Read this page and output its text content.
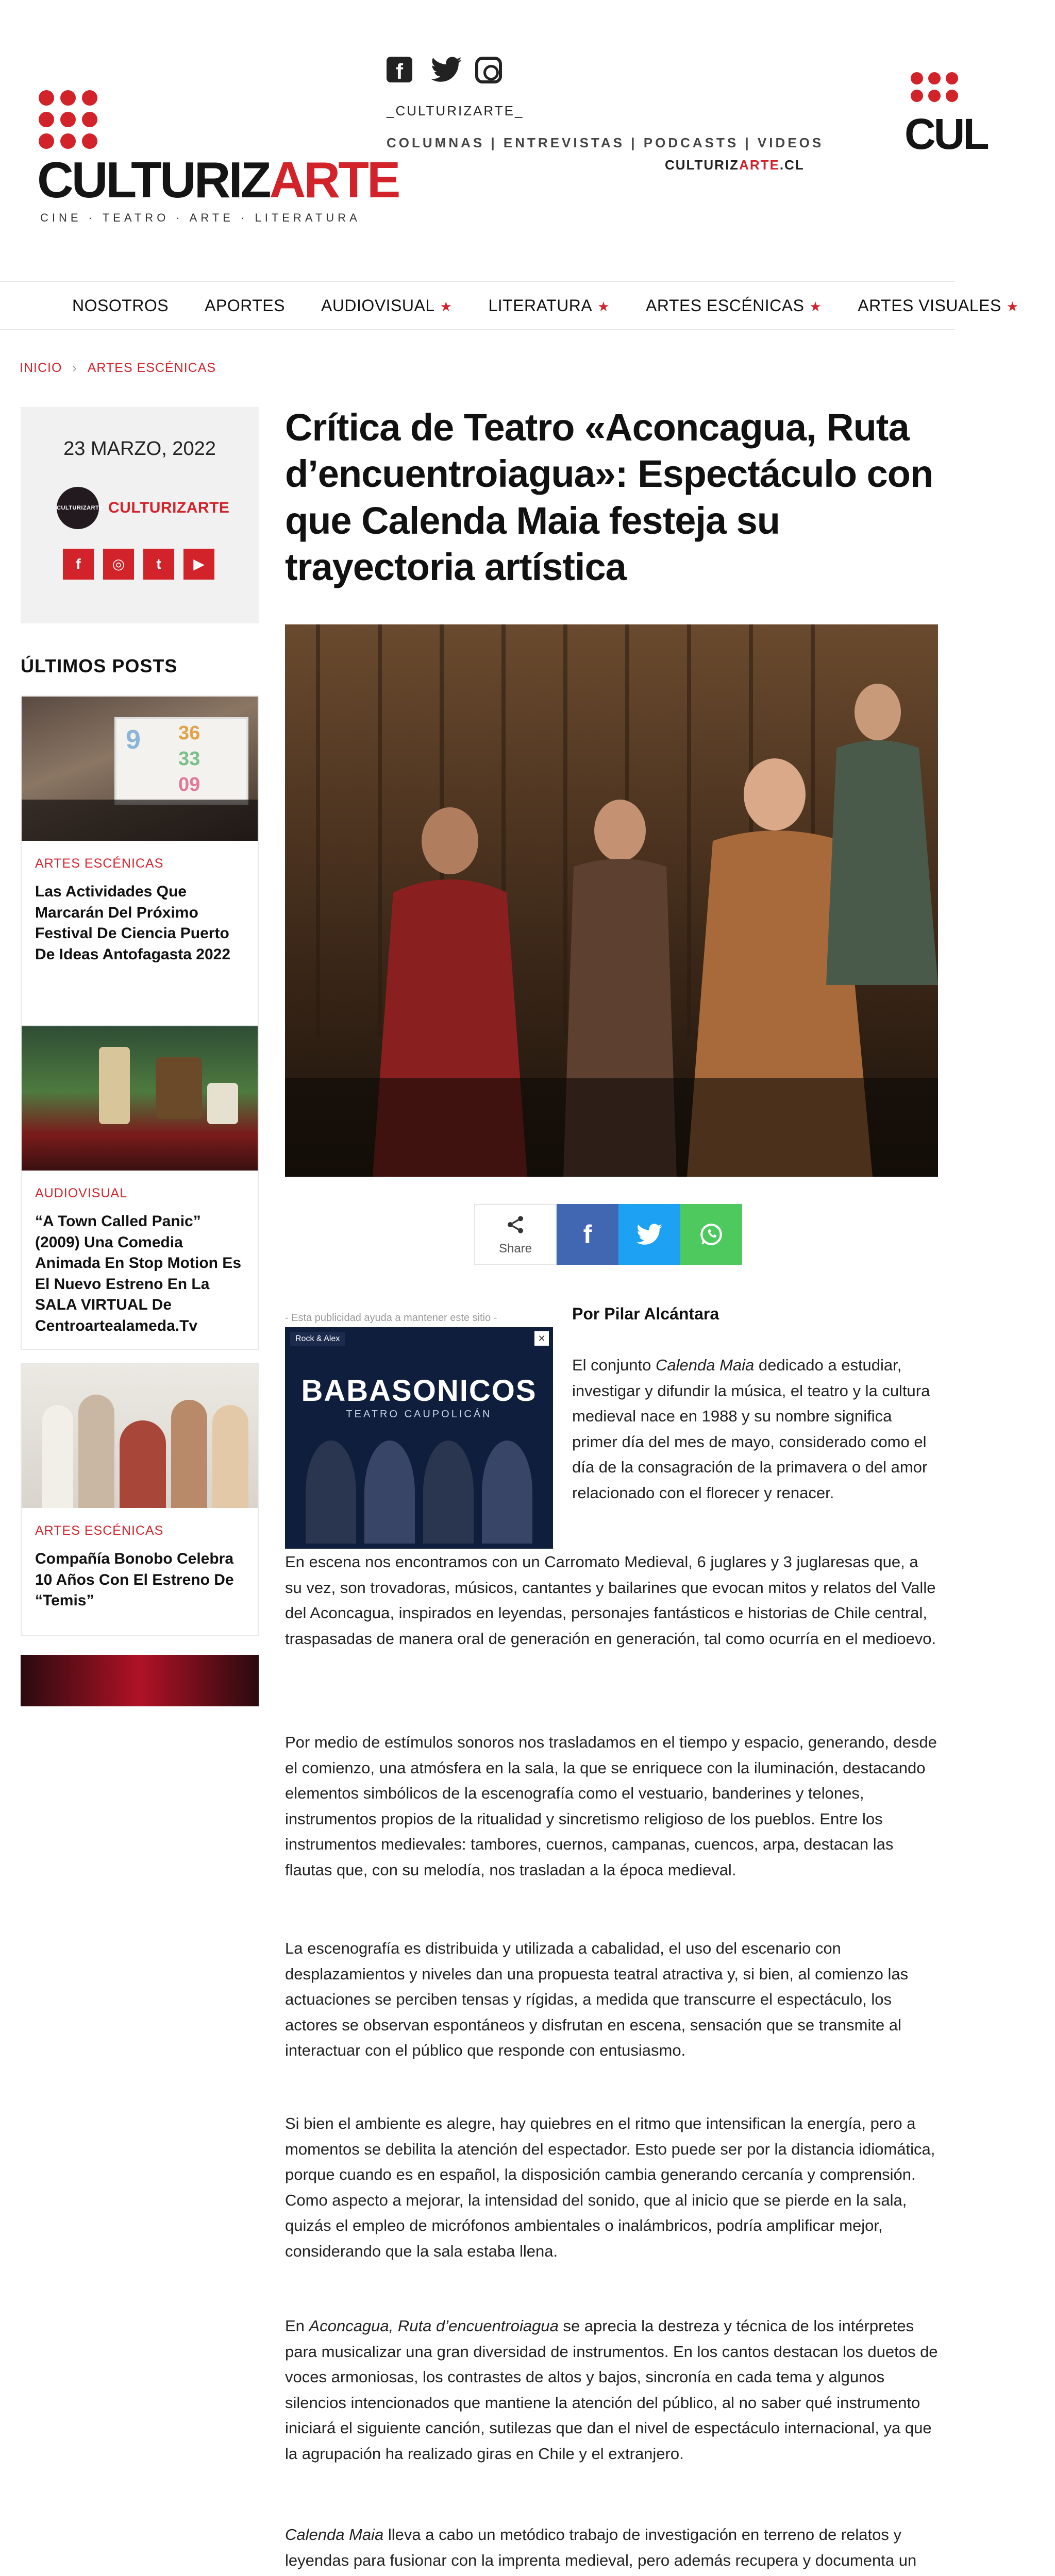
CULTURIZARTE
CINE · TEATRO · ARTE · LITERATURA
f
_CULTURIZARTE_
COLUMNAS | ENTREVISTAS | PODCASTS | VIDEOS
CULTURIZARTE.CL
CUL
NOSOTROS APORTES AUDIOVISUAL ★ LITERATURA ★ ARTES ESCÉNICAS ★ ARTES VISUALES ★
INICIO › ARTES ESCÉNICAS
23 MARZO, 2022
CULTURIZARTE CULTURIZARTE
f	◎	t	▶
ÚLTIMOS POSTS
9	36
33
09
ARTES ESCÉNICAS
Las Actividades Que Marcarán Del Próximo Festival De Ciencia Puerto De Ideas Antofagasta 2022
AUDIOVISUAL
“A Town Called Panic” (2009) Una Comedia Animada En Stop Motion Es El Nuevo Estreno En La SALA VIRTUAL De Centroartealameda.Tv
ARTES ESCÉNICAS
Compañía Bonobo Celebra 10 Años Con El Estreno De “Temis”
Crítica de Teatro «Aconcagua, Ruta d’encuentroiagua»: Espectáculo con que Calenda Maia festeja su trayectoria artística
Share	f
- Esta publicidad ayuda a mantener este sitio -
Rock & Alex	✕
BABASONICOS
TEATRO CAUPOLICÁN
Por Pilar Alcántara

El conjunto Calenda Maia dedicado a estudiar, investigar y difundir la música, el teatro y la cultura medieval nace en 1988 y su nombre significa primer día del mes de mayo, considerado como el día de la consagración de la primavera o del amor relacionado con el florecer y renacer.

En escena nos encontramos con un Carromato Medieval, 6 juglares y 3 juglaresas que, a su vez, son trovadoras, músicos, cantantes y bailarines que evocan mitos y relatos del Valle del Aconcagua, inspirados en leyendas, personajes fantásticos e historias de Chile central, traspasadas de manera oral de generación en generación, tal como ocurría en el medioevo.

Por medio de estímulos sonoros nos trasladamos en el tiempo y espacio, generando, desde el comienzo, una atmósfera en la sala, la que se enriquece con la iluminación, destacando elementos simbólicos de la escenografía como el vestuario, banderines y telones, instrumentos propios de la ritualidad y sincretismo religioso de los pueblos. Entre los instrumentos medievales: tambores, cuernos, campanas, cuencos, arpa, destacan las flautas que, con su melodía, nos trasladan a la época medieval.

La escenografía es distribuida y utilizada a cabalidad, el uso del escenario con desplazamientos y niveles dan una propuesta teatral atractiva y, si bien, al comienzo las actuaciones se perciben tensas y rígidas, a medida que transcurre el espectáculo, los actores se observan espontáneos y disfrutan en escena, sensación que se transmite al interactuar con el público que responde con entusiasmo.

Si bien el ambiente es alegre, hay quiebres en el ritmo que intensifican la energía, pero a momentos se debilita la atención del espectador. Esto puede ser por la distancia idiomática, porque cuando es en español, la disposición cambia generando cercanía y comprensión. Como aspecto a mejorar, la intensidad del sonido, que al inicio que se pierde en la sala, quizás el empleo de micrófonos ambientales o inalámbricos, podría amplificar mejor, considerando que la sala estaba llena.

En Aconcagua, Ruta d’encuentroiagua se aprecia la destreza y técnica de los intérpretes para musicalizar una gran diversidad de instrumentos. En los cantos destacan los duetos de voces armoniosas, los contrastes de altos y bajos, sincronía en cada tema y algunos silencios intencionados que mantiene la atención del público, al no saber qué instrumento iniciará el siguiente canción, sutilezas que dan el nivel de espectáculo internacional, ya que la agrupación ha realizado giras en Chile y el extranjero.

Calenda Maia lleva a cabo un metódico trabajo de investigación en terreno de relatos y leyendas para fusionar con la imprenta medieval, pero además recupera y documenta un
